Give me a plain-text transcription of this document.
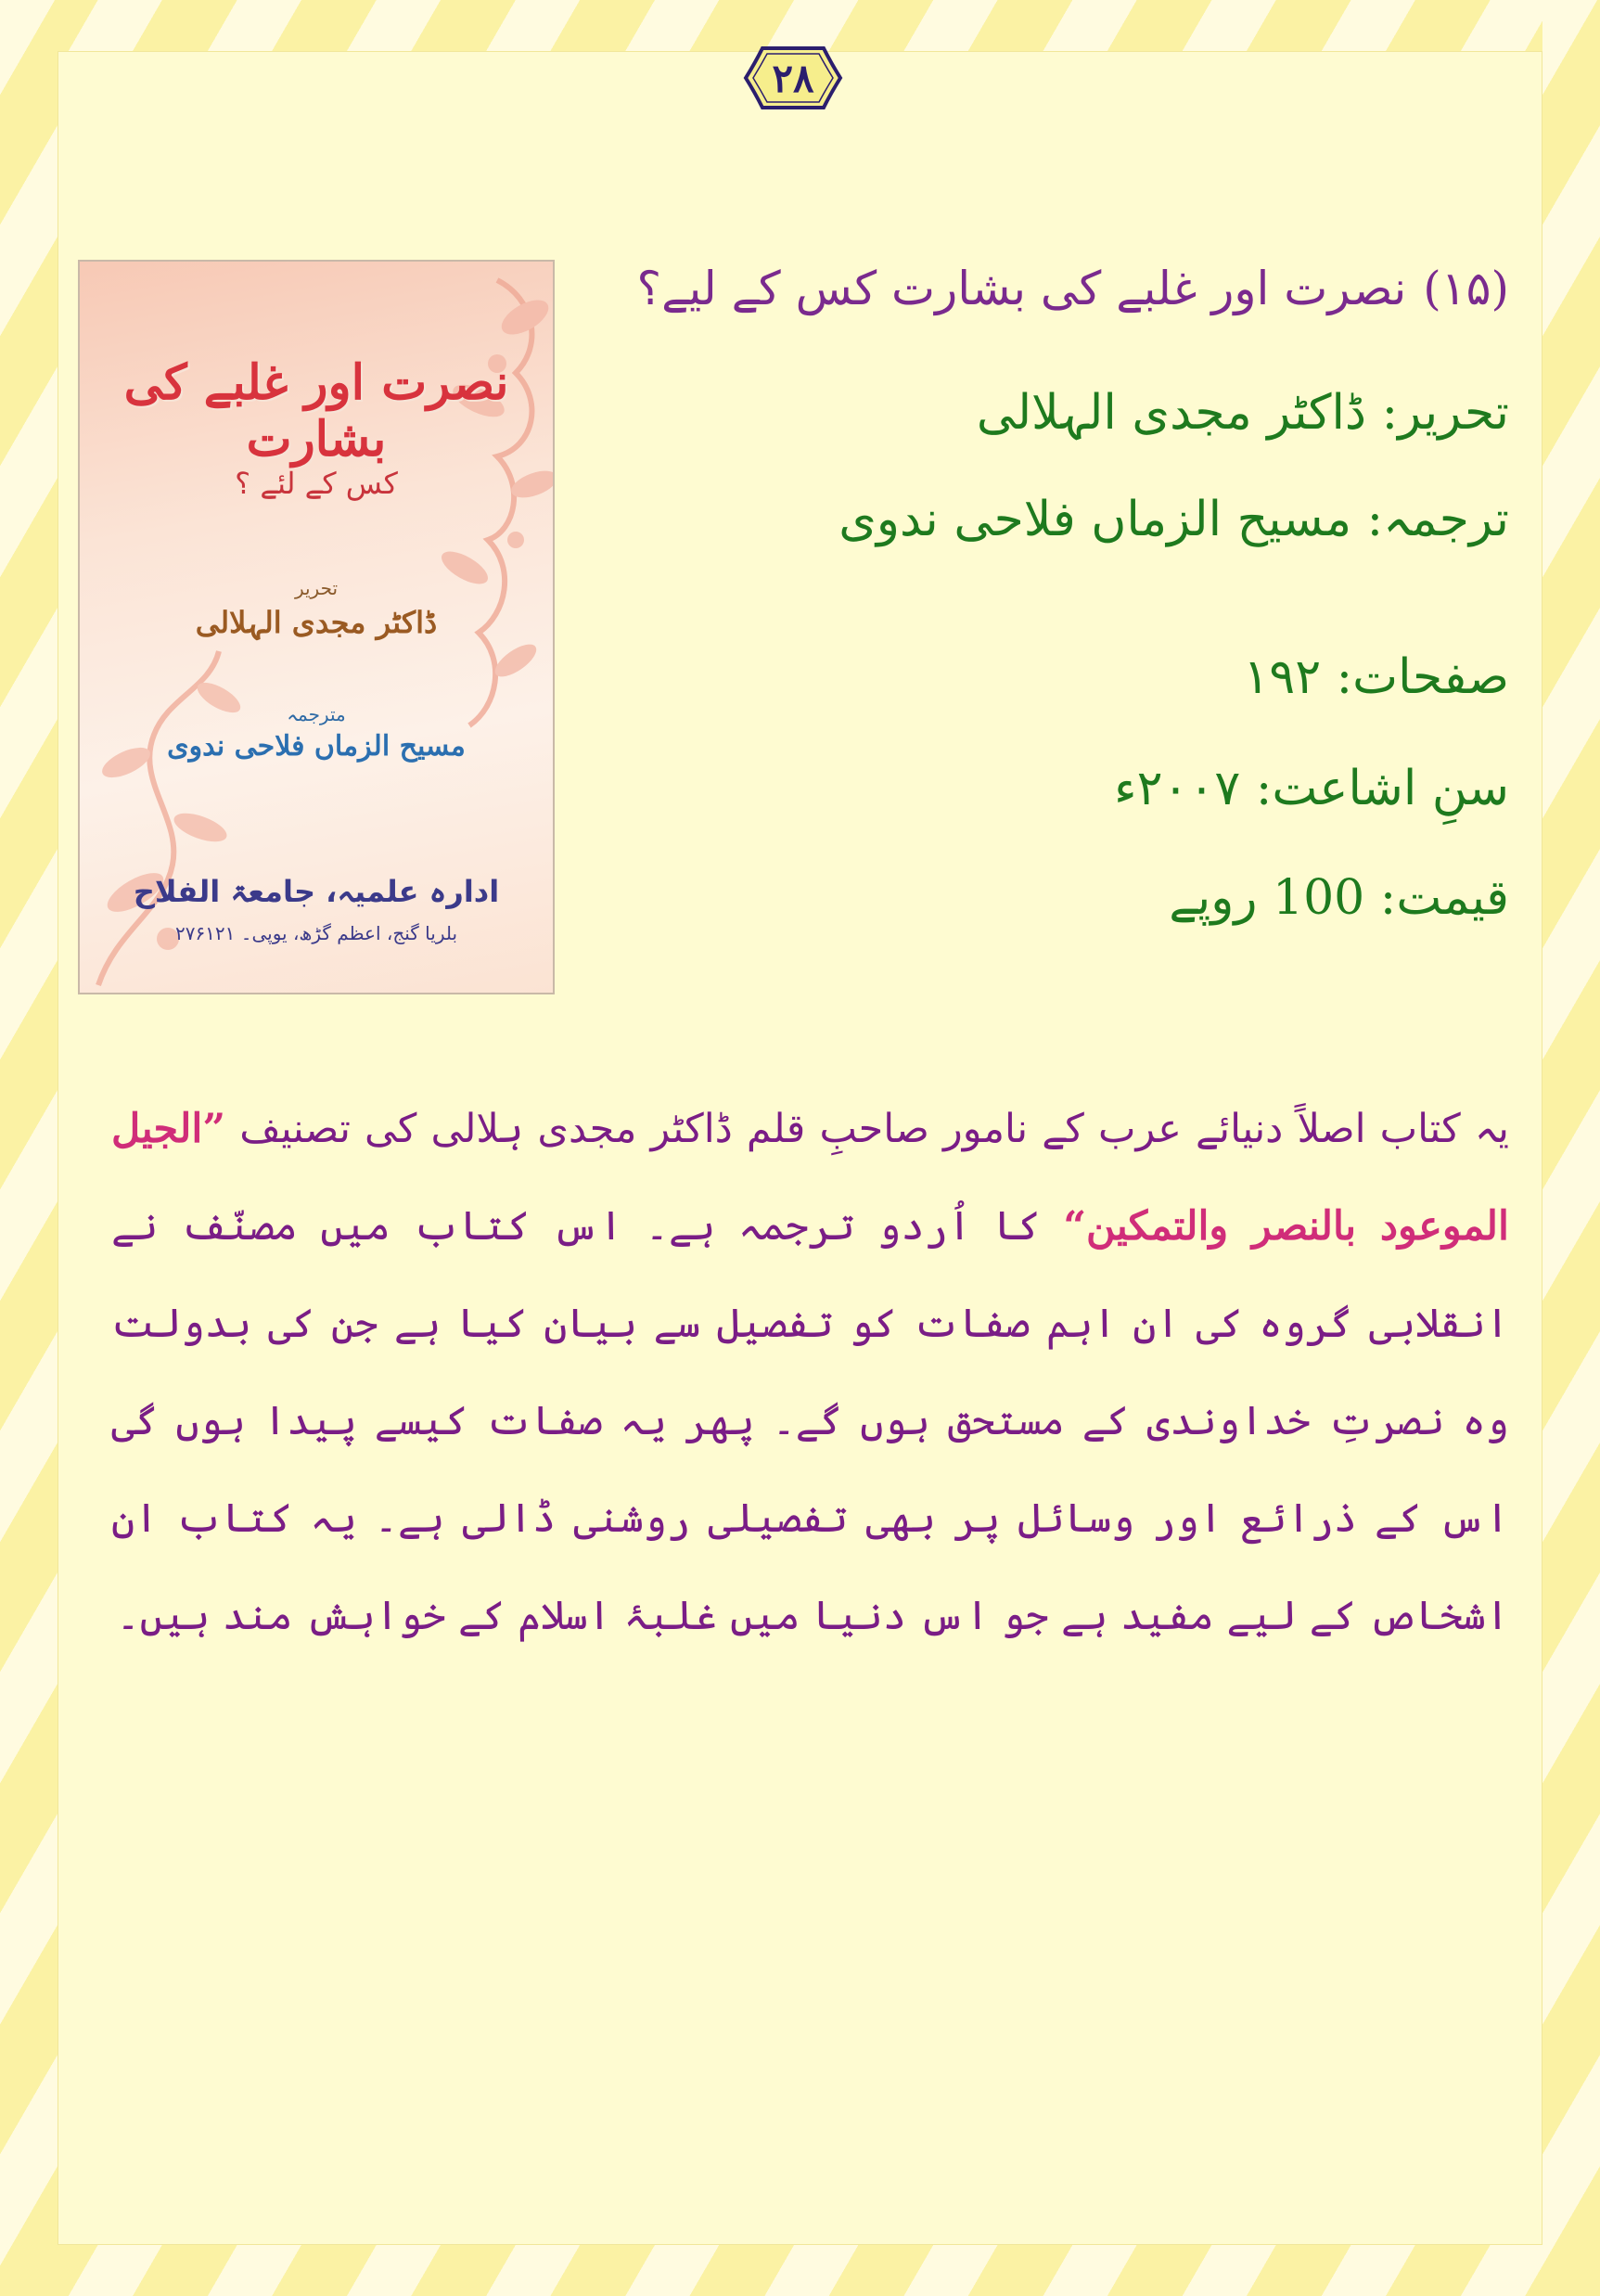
۲۸
نصرت اور غلبے کی بشارت
کس کے لئے ؟
تحریر
ڈاکٹر مجدی الہلالی
مترجمہ
مسیح الزماں فلاحی ندوی
ادارہ علمیہ، جامعۃ الفلاح
بلریا گنج، اعظم گڑھ، یوپی۔ ۲۷۶۱۲۱
(۱۵)نصرت اور غلبے کی بشارت کس کے لیے؟
تحریر: ڈاکٹر مجدی الہلالی
ترجمہ: مسیح الزماں فلاحی ندوی
صفحات: ۱۹۲
سنِ اشاعت: ۲۰۰۷ء
قیمت: 100 روپے
یہ کتاب اصلاً دنیائے عرب کے نامور صاحبِ قلم ڈاکٹر مجدی ہلالی کی تصنیف ”الجیل الموعود بالنصر والتمکین“ کا اُردو ترجمہ ہے۔ اس کتاب میں مصنّف نے انقلابی گروہ کی ان اہم صفات کو تفصیل سے بیان کیا ہے جن کی بدولت وہ نصرتِ خداوندی کے مستحق ہوں گے۔ پھر یہ صفات کیسے پیدا ہوں گی اس کے ذرائع اور وسائل پر بھی تفصیلی روشنی ڈالی ہے۔ یہ کتاب ان اشخاص کے لیے مفید ہے جو اس دنیا میں غلبۂ اسلام کے خواہش مند ہیں۔
